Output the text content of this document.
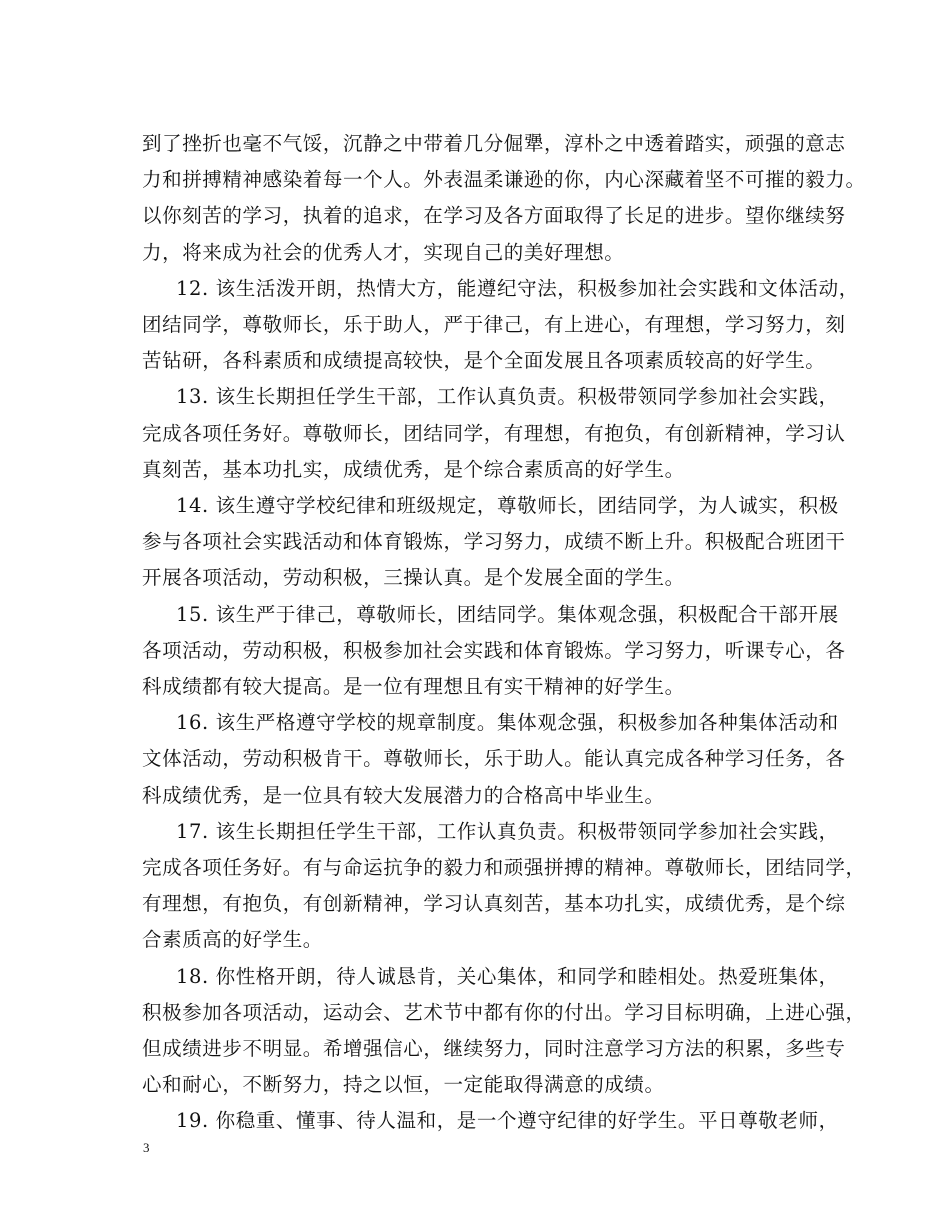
到了挫折也毫不气馁，沉静之中带着几分倔犟，淳朴之中透着踏实，顽强的意志
力和拼搏精神感染着每一个人。外表温柔谦逊的你，内心深藏着坚不可摧的毅力。
以你刻苦的学习，执着的追求，在学习及各方面取得了长足的进步。望你继续努
力，将来成为社会的优秀人才，实现自己的美好理想。
12. 该生活泼开朗，热情大方，能遵纪守法，积极参加社会实践和文体活动，
团结同学，尊敬师长，乐于助人，严于律己，有上进心，有理想，学习努力，刻
苦钻研，各科素质和成绩提高较快，是个全面发展且各项素质较高的好学生。
13. 该生长期担任学生干部，工作认真负责。积极带领同学参加社会实践，
完成各项任务好。尊敬师长，团结同学，有理想，有抱负，有创新精神，学习认
真刻苦，基本功扎实，成绩优秀，是个综合素质高的好学生。
14. 该生遵守学校纪律和班级规定，尊敬师长，团结同学，为人诚实，积极
参与各项社会实践活动和体育锻炼，学习努力，成绩不断上升。积极配合班团干
开展各项活动，劳动积极，三操认真。是个发展全面的学生。
15. 该生严于律己，尊敬师长，团结同学。集体观念强，积极配合干部开展
各项活动，劳动积极，积极参加社会实践和体育锻炼。学习努力，听课专心，各
科成绩都有较大提高。是一位有理想且有实干精神的好学生。
16. 该生严格遵守学校的规章制度。集体观念强，积极参加各种集体活动和
文体活动，劳动积极肯干。尊敬师长，乐于助人。能认真完成各种学习任务，各
科成绩优秀，是一位具有较大发展潜力的合格高中毕业生。
17. 该生长期担任学生干部，工作认真负责。积极带领同学参加社会实践，
完成各项任务好。有与命运抗争的毅力和顽强拼搏的精神。尊敬师长，团结同学，
有理想，有抱负，有创新精神，学习认真刻苦，基本功扎实，成绩优秀，是个综
合素质高的好学生。
18. 你性格开朗，待人诚恳肯，关心集体，和同学和睦相处。热爱班集体，
积极参加各项活动，运动会、艺术节中都有你的付出。学习目标明确，上进心强，
但成绩进步不明显。希增强信心，继续努力，同时注意学习方法的积累，多些专
心和耐心，不断努力，持之以恒，一定能取得满意的成绩。
19. 你稳重、懂事、待人温和，是一个遵守纪律的好学生。平日尊敬老师，
3
